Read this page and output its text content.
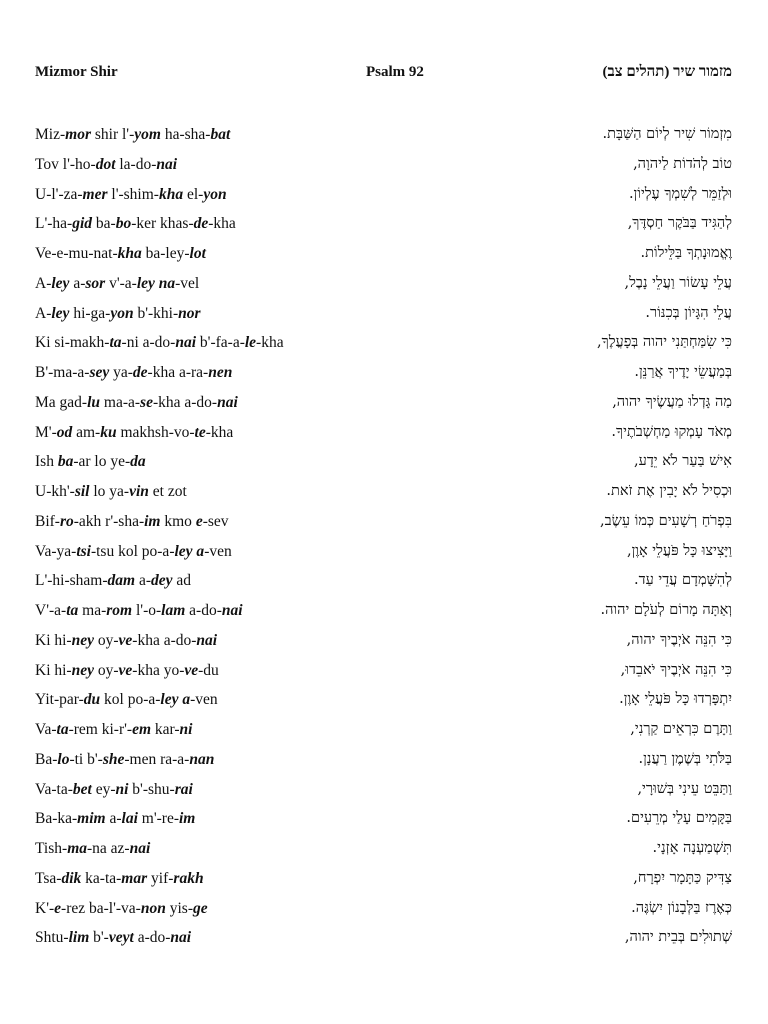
Mizmor Shir	Psalm 92	מזמור שיר (תהלים צב)
Miz-mor shir l'-yom ha-sha-bat	מִזְמוֹר שִׁיר לְיוֹם הַשַּׁבָּת.
Tov l'-ho-dot la-do-nai	טוֹב לְהֹדוֹת לַיהוָה,
U-l'-za-mer l'-shim-kha el-yon	וּלְזַמֵּר לְשִׁמְךָ עֶלְיוֹן.
L'-ha-gid ba-bo-ker khas-de-kha	לְהַגִּיד בַּבֹּקֶר חַסְדֶּךָ,
Ve-e-mu-nat-kha ba-ley-lot	וֶאֱמוּנָתְךָ בַּלֵּילוֹת.
A-ley a-sor v'-a-ley na-vel	עֲלֵי עָשׂוֹר וַעֲלֵי נָבֶל,
A-ley hi-ga-yon b'-khi-nor	עֲלֵי הִגָּיוֹן בְּכִנּוֹר.
Ki si-makh-ta-ni a-do-nai b'-fa-a-le-kha	כִּי שִׂמַּחְתַּנִי יהוה בְּפָעֳלֶךָ,
B'-ma-a-sey ya-de-kha a-ra-nen	בְּמַעֲשֵׂי יָדֶיךָ אֲרַנֵּן.
Ma gad-lu ma-a-se-kha a-do-nai	מַה גָּדְלוּ מַעֲשֶׂיךָ יהוה,
M'-od am-ku makhsh-vo-te-kha	מְאֹד עָמְקוּ מַחְשְׁבֹתֶיךָ.
Ish ba-ar lo ye-da	אִישׁ בַּעַר לֹא יֵדָע,
U-kh'-sil lo ya-vin et zot	וּכְסִיל לֹא יָבִין אֶת זֹאת.
Bif-ro-akh r'-sha-im kmo e-sev	בִּפְרֹחַ רְשָׁעִים כְּמוֹ עֵשֶׂב,
Va-ya-tsi-tsu kol po-a-ley a-ven	וַיָּצִיצוּ כָּל פֹּעֲלֵי אָוֶן,
L'-hi-sham-dam a-dey ad	לְהִשָּׁמְדָם עֲדֵי עַד.
V'-a-ta ma-rom l'-o-lam a-do-nai	וְאַתָּה מָרוֹם לְעֹלָם יהוה.
Ki hi-ney oy-ve-kha a-do-nai	כִּי הִנֵּה אֹיְבֶיךָ יהוה,
Ki hi-ney oy-ve-kha yo-ve-du	כִּי הִנֵּה אֹיְבֶיךָ יֹאבֵדוּ,
Yit-par-du kol po-a-ley a-ven	יִתְפָּרְדוּ כָּל פֹּעֲלֵי אָוֶן.
Va-ta-rem ki-r'-em kar-ni	וַתָּרֶם כִּרְאֵים קַרְנִי,
Ba-lo-ti b'-she-men ra-a-nan	בַּלֹּתִי בְּשֶׁמֶן רַעֲנָן.
Va-ta-bet ey-ni b'-shu-rai	וַתַּבֵּט עֵינִי בְּשׁוּרָי,
Ba-ka-mim a-lai m'-re-im	בַּקָּמִים עָלַי מְרֵעִים.
Tish-ma-na az-nai	תִּשְׁמַעְנָה אָזְנָי.
Tsa-dik ka-ta-mar yif-rakh	צַדִּיק כַּתָּמָר יִפְרָח,
K'-e-rez ba-l'-va-non yis-ge	כְּאֶרֶז בַּלְּבָנוֹן יִשְׂגֶּה.
Shtu-lim b'-veyt a-do-nai	שְׁתוּלִים בְּבֵית יהוה,
